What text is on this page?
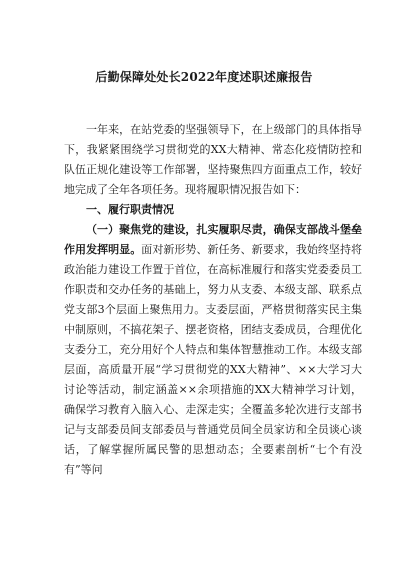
后勤保障处处长2022年度述职述廉报告

一年来，在站党委的坚强领导下，在上级部门的具体指导下，我紧紧围绕学习贯彻党的XX大精神、常态化疫情防控和队伍正规化建设等工作部署，坚持聚焦四方面重点工作，较好地完成了全年各项任务。现将履职情况报告如下：

一、履行职责情况

（一）聚焦党的建设，扎实履职尽责，确保支部战斗堡垒作用发挥明显。面对新形势、新任务、新要求，我始终坚持将政治能力建设工作置于首位，在高标准履行和落实党委委员工作职责和交办任务的基础上，努力从支委、本级支部、联系点党支部3个层面上聚焦用力。支委层面，严格贯彻落实民主集中制原则，不搞花架子、摆老资格，团结支委成员，合理优化支委分工，充分用好个人特点和集体智慧推动工作。本级支部层面，高质量开展“学习贯彻党的XX大精神”、××大学习大讨论等活动，制定涵盖××余项措施的XX大精神学习计划，确保学习教育入脑入心、走深走实；全覆盖多轮次进行支部书记与支部委员间支部委员与普通党员间全员家访和全员谈心谈话，了解掌握所属民警的思想动态；全要素剖析“七个有没有”等问
